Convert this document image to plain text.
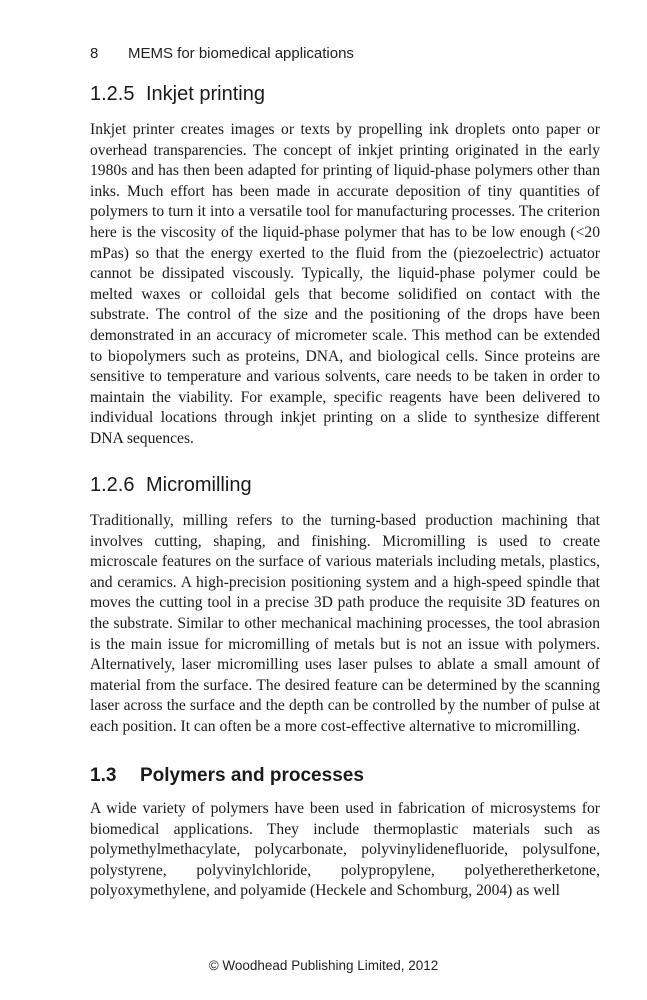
8 MEMS for biomedical applications
1.2.5 Inkjet printing

Inkjet printer creates images or texts by propelling ink droplets onto paper or overhead transparencies. The concept of inkjet printing originated in the early 1980s and has then been adapted for printing of liquid-phase polymers other than inks. Much effort has been made in accurate deposition of tiny quantities of polymers to turn it into a versatile tool for manufacturing processes. The criterion here is the viscosity of the liquid-phase polymer that has to be low enough (<20 mPas) so that the energy exerted to the fluid from the (piezoelectric) actuator cannot be dissipated viscously. Typically, the liquid-phase polymer could be melted waxes or colloidal gels that become solidified on contact with the substrate. The control of the size and the positioning of the drops have been demonstrated in an accuracy of micrometer scale. This method can be extended to biopolymers such as proteins, DNA, and biological cells. Since proteins are sensitive to temperature and various solvents, care needs to be taken in order to maintain the viability. For example, specific reagents have been delivered to individual locations through inkjet printing on a slide to synthesize different DNA sequences.

1.2.6 Micromilling

Traditionally, milling refers to the turning-based production machining that involves cutting, shaping, and finishing. Micromilling is used to create microscale features on the surface of various materials including metals, plastics, and ceramics. A high-precision positioning system and a high-speed spindle that moves the cutting tool in a precise 3D path produce the requisite 3D features on the substrate. Similar to other mechanical machining processes, the tool abrasion is the main issue for micromilling of metals but is not an issue with polymers. Alternatively, laser micromilling uses laser pulses to ablate a small amount of material from the surface. The desired feature can be determined by the scanning laser across the surface and the depth can be controlled by the number of pulse at each position. It can often be a more cost-effective alternative to micromilling.

1.3 Polymers and processes

A wide variety of polymers have been used in fabrication of microsystems for biomedical applications. They include thermoplastic materials such as polymethylmethacylate, polycarbonate, polyvinylidenefluoride, polysulfone, polystyrene, polyvinylchloride, polypropylene, polyetheretherketone, polyoxymethylene, and polyamide (Heckele and Schomburg, 2004) as well

© Woodhead Publishing Limited, 2012
